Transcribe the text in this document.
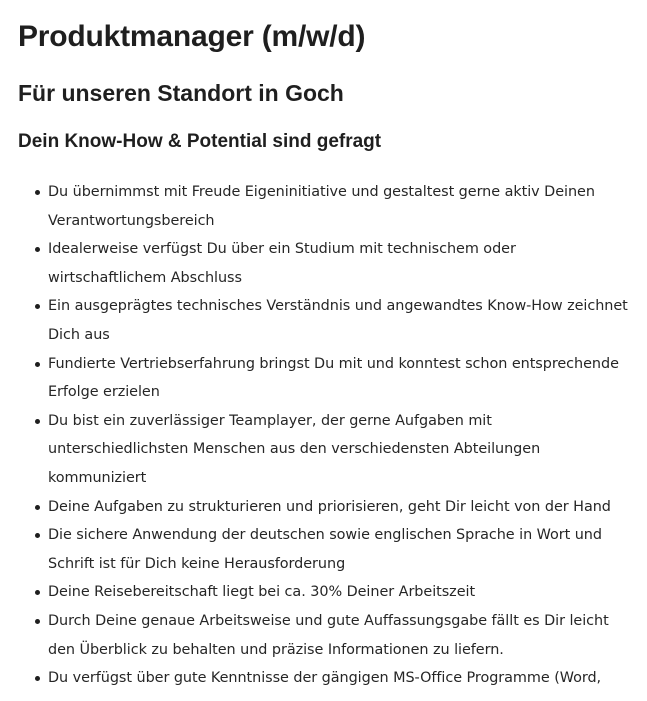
Produktmanager (m/w/d)
Für unseren Standort in Goch
Dein Know-How & Potential sind gefragt
Du übernimmst mit Freude Eigeninitiative und gestaltest gerne aktiv Deinen Verantwortungsbereich
Idealerweise verfügst Du über ein Studium mit technischem oder wirtschaftlichem Abschluss
Ein ausgeprägtes technisches Verständnis und angewandtes Know-How zeichnet Dich aus
Fundierte Vertriebserfahrung bringst Du mit und konntest schon entsprechende Erfolge erzielen
Du bist ein zuverlässiger Teamplayer, der gerne Aufgaben mit unterschiedlichsten Menschen aus den verschiedensten Abteilungen kommuniziert
Deine Aufgaben zu strukturieren und priorisieren, geht Dir leicht von der Hand
Die sichere Anwendung der deutschen sowie englischen Sprache in Wort und Schrift ist für Dich keine Herausforderung
Deine Reisebereitschaft liegt bei ca. 30% Deiner Arbeitszeit
Durch Deine genaue Arbeitsweise und gute Auffassungsgabe fällt es Dir leicht den Überblick zu behalten und präzise Informationen zu liefern.
Du verfügst über gute Kenntnisse der gängigen MS-Office Programme (Word,
